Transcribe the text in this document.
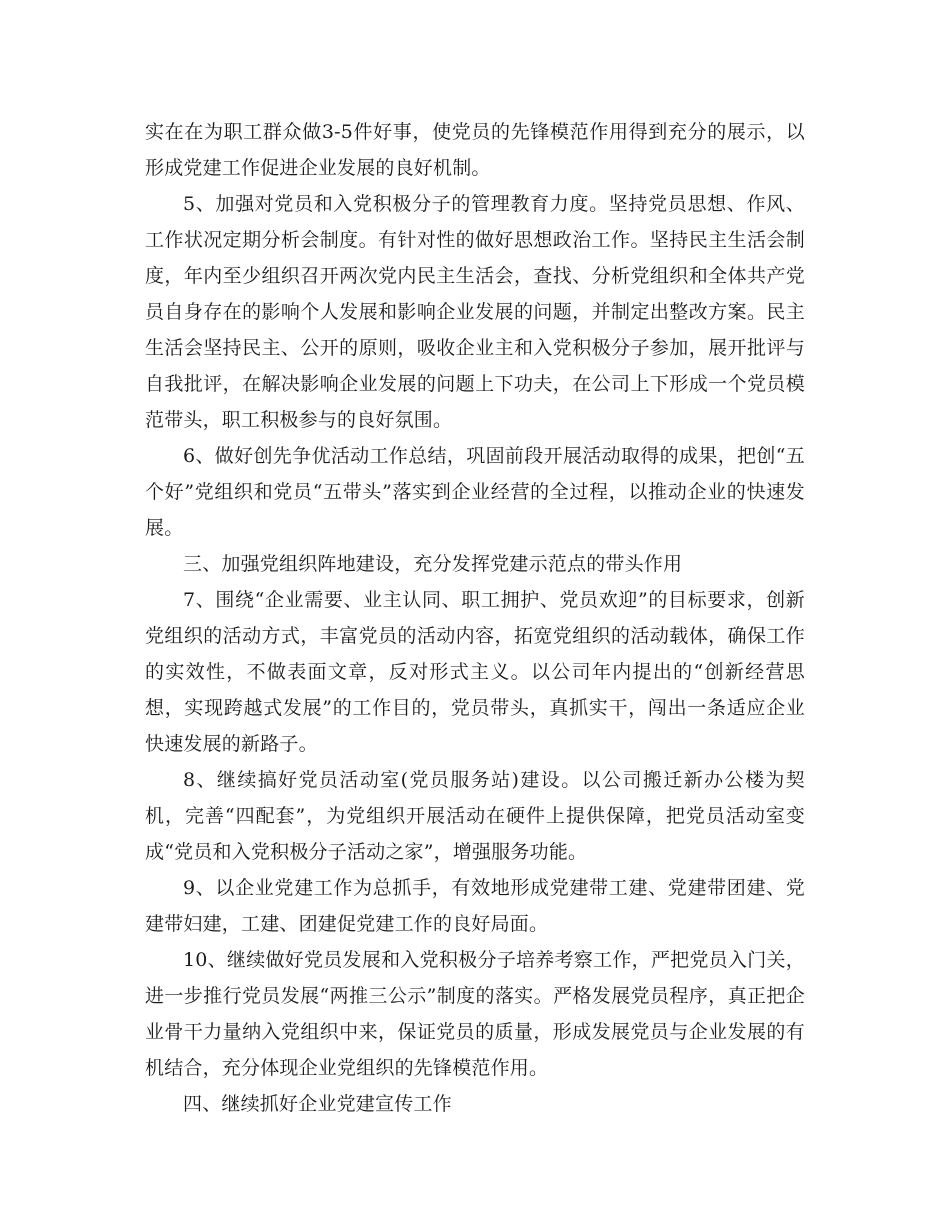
实在在为职工群众做3-5件好事，使党员的先锋模范作用得到充分的展示，以形成党建工作促进企业发展的良好机制。

5、加强对党员和入党积极分子的管理教育力度。坚持党员思想、作风、工作状况定期分析会制度。有针对性的做好思想政治工作。坚持民主生活会制度，年内至少组织召开两次党内民主生活会，查找、分析党组织和全体共产党员自身存在的影响个人发展和影响企业发展的问题，并制定出整改方案。民主生活会坚持民主、公开的原则，吸收企业主和入党积极分子参加，展开批评与自我批评，在解决影响企业发展的问题上下功夫，在公司上下形成一个党员模范带头，职工积极参与的良好氛围。

6、做好创先争优活动工作总结，巩固前段开展活动取得的成果，把创“五个好”党组织和党员“五带头”落实到企业经营的全过程，以推动企业的快速发展。

三、加强党组织阵地建设，充分发挥党建示范点的带头作用

7、围绕“企业需要、业主认同、职工拥护、党员欢迎”的目标要求，创新党组织的活动方式，丰富党员的活动内容，拓宽党组织的活动载体，确保工作的实效性，不做表面文章，反对形式主义。以公司年内提出的“创新经营思想，实现跨越式发展”的工作目的，党员带头，真抓实干，闯出一条适应企业快速发展的新路子。

8、继续搞好党员活动室(党员服务站)建设。以公司搬迁新办公楼为契机，完善“四配套”，为党组织开展活动在硬件上提供保障，把党员活动室变成“党员和入党积极分子活动之家”，增强服务功能。

9、以企业党建工作为总抓手，有效地形成党建带工建、党建带团建、党建带妇建，工建、团建促党建工作的良好局面。

10、继续做好党员发展和入党积极分子培养考察工作，严把党员入门关，进一步推行党员发展“两推三公示”制度的落实。严格发展党员程序，真正把企业骨干力量纳入党组织中来，保证党员的质量，形成发展党员与企业发展的有机结合，充分体现企业党组织的先锋模范作用。

四、继续抓好企业党建宣传工作
